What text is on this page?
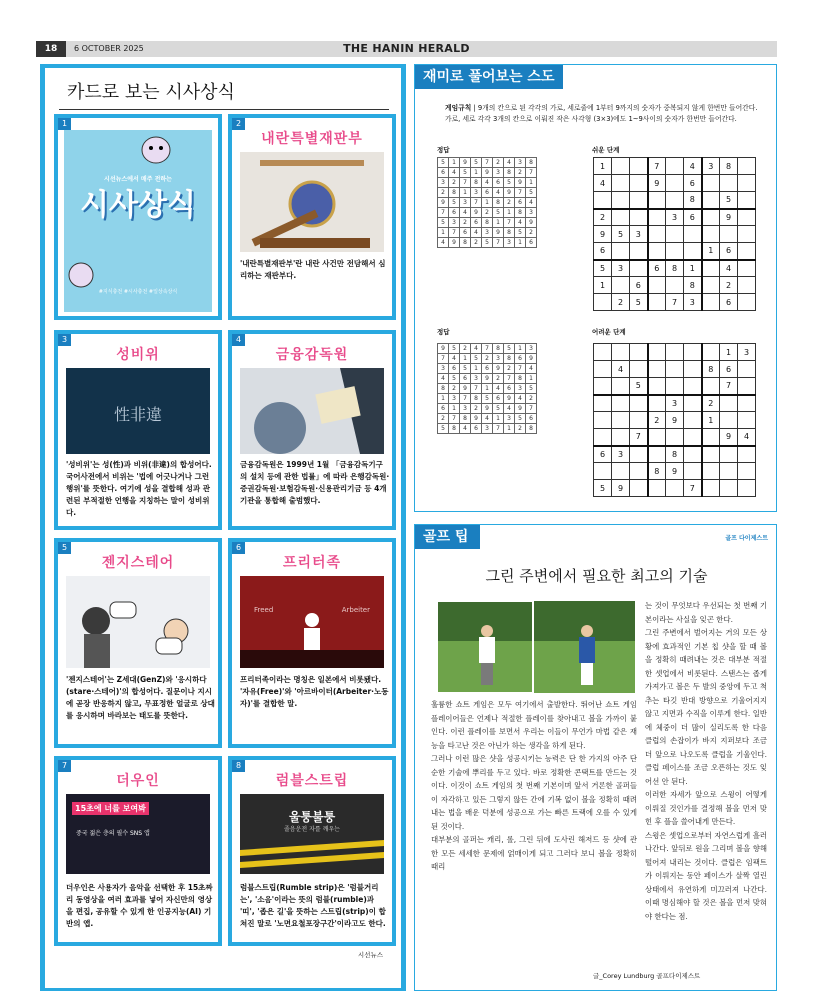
18	6 OCTOBER 2025	THE HANIN HERALD
카드로 보는 시사상식
1
시선뉴스에서 매주 전하는
시사상식
#지식충전 #시사충전 #일상속상식
2
내란특별재판부
'내란특별재판부'란 내란 사건만 전담해서 심리하는 재판부다.
3
성비위
性非違
'성비위'는 성(性)과 비위(非違)의 합성어다. 국어사전에서 비위는 '법에 어긋나거나 그런 행위'를 뜻한다. 여기에 성을 결합해 성과 관련된 부적절한 언행을 지칭하는 말이 성비위다.
4
금융감독원
금융감독원은 1999년 1월 「금융감독기구의 설치 등에 관한 법률」에 따라 은행감독원·증권감독원·보험감독원·신용관리기금 등 4개 기관을 통합해 출범했다.
5
젠지스테어
'젠지스테어'는 Z세대(GenZ)와 '응시하다(stare·스테어)'의 합성어다. 질문이나 지시에 곧장 반응하지 않고, 무표정한 얼굴로 상대를 응시하며 바라보는 태도를 뜻한다.
6
프리터족
Freed	Arbeiter
프리터족이라는 명칭은 일본에서 비롯됐다. '자유(Free)'와 '아르바이터(Arbeiter·노동자)'를 결합한 말.
7
더우인
15초에 너를 보여봐
중국 젊은 층의 필수 SNS 앱
더우인은 사용자가 음악을 선택한 후 15초짜리 동영상을 여러 효과를 넣어 자신만의 영상을 편집, 공유할 수 있게 한 인공지능(AI) 기반의 앱.
8
럼블스트립
울퉁불퉁
졸음운전 자를 깨우는
럼블스트립(Rumble strip)은 '럼블거리는', '소음'이라는 뜻의 럼블(rumble)과 '띠', '좁은 길'을 뜻하는 스트립(strip)이 합쳐진 말로 '노면요철포장구간'이라고도 한다.
시선뉴스
재미로 풀어보는 스도쿠	게임규칙 | 9개의 칸으로 된 각각의 가로, 세로줄에 1부터 9까지의 숫자가 중복되지 않게 한번만 들어간다. 가로, 세로 각각 3개의 칸으로 이뤄진 작은 사각형 (3×3)에도 1~9사이의 숫자가 한번만 들어간다.
정답	쉬운 단계
5	1	9	5	7	2	4	3	8
6	4	5	1	9	3	8	2	7
3	2	7	8	4	6	5	9	1
2	8	1	3	6	4	9	7	5
9	5	3	7	1	8	2	6	4
7	6	4	9	2	5	1	8	3
5	3	2	6	8	1	7	4	9
1	7	6	4	3	9	8	5	2
4	9	8	2	5	7	3	1	6
1			7		4	3	8	
4			9		6			
					8		5	
2				3	6		9	
9	5	3						
6						1	6	
5	3		6	8	1		4	
1		6			8		2	
	2	5		7	3		6	
정답	어려운 단계
9	5	2	4	7	8	5	1	3
7	4	1	5	2	3	8	6	9
3	6	5	1	6	9	2	7	4
4	5	6	3	9	2	7	8	1
8	2	9	7	1	4	6	3	5
1	3	7	8	5	6	9	4	2
6	1	3	2	9	5	4	9	7
2	7	8	9	4	1	3	5	6
5	8	4	6	3	7	1	2	8
							1	3
	4					8	6	
		5					7	
				3		2		
			2	9		1		
		7					9	4
6	3			8				
			8	9				
5	9				7			
골프 팁	골프 다이제스트
그린 주변에서 필요한 최고의 기술
는 것이 무엇보다 우선되는 첫 번째 기본이라는 사실을 잊곤 한다.
그린 주변에서 벌어지는 거의 모든 상황에 효과적인 기본 칩 샷을 할 때 볼을 정확히 때려내는 것은 대부분 적절한 셋업에서 비롯된다. 스탠스는 좁게 가져가고 볼은 두 발의 중앙에 두고 척추는 타깃 반대 방향으로 기울어지지 않고 지면과 수직을 이루게 한다. 일반에 체중이 더 많이 실리도록 한 다음 클럽의 손잡이가 바지 지퍼보다 조금 더 앞으로 나오도록 클럽을 기울인다. 클럽 페이스를 조금 오픈하는 것도 잊어선 안 된다.
이러한 자세가 앞으로 스윙이 어떻게 이뤄질 것인가를 결정해 볼을 먼저 맞힌 후 플을 쓸어내게 만든다.
스윙은 셋업으로부터 자연스럽게 흘러나간다. 앞뒤로 원을 그리며 볼을 향해 떨어져 내리는 것이다. 클럽은 임팩트가 이뤄지는 동안 페이스가 살짝 열린 상태에서 유연하게 미끄러져 나간다. 이때 명심해야 할 것은 볼을 먼저 맞혀야 한다는 점.
훌륭한 쇼트 게임은 모두 여기에서 출발한다. 뛰어난 쇼트 게임 플레이어들은 언제나 적절한 플레이를 찾아내고 볼을 가까이 붙인다. 이런 플레이를 보면서 우리는 이들이 무언가 마법 같은 재능을 타고난 것은 아닌가 하는 생각을 하게 된다.
그러나 이런 많은 샷을 성공시키는 능력은 단 한 가지의 아주 단순한 기술에 뿌리를 두고 있다. 바로 정확한 콘택트를 만드는 것이다. 이것이 쇼트 게임의 첫 번째 기본이며 앞서 거론한 골퍼들이 자각하고 있든 그렇지 않든 간에 기복 없이 볼을 정확히 때려내는 법을 배운 덕분에 성공으로 가는 빠른 트랙에 오를 수 있게 된 것이다.
대부분의 골퍼는 캐리, 롤, 그린 뒤에 도사린 해저드 등 샷에 관한 모든 세세한 문제에 얽매이게 되고 그러다 보니 볼을 정확히 때리
글_Corey Lundburg 골프다이제스트
